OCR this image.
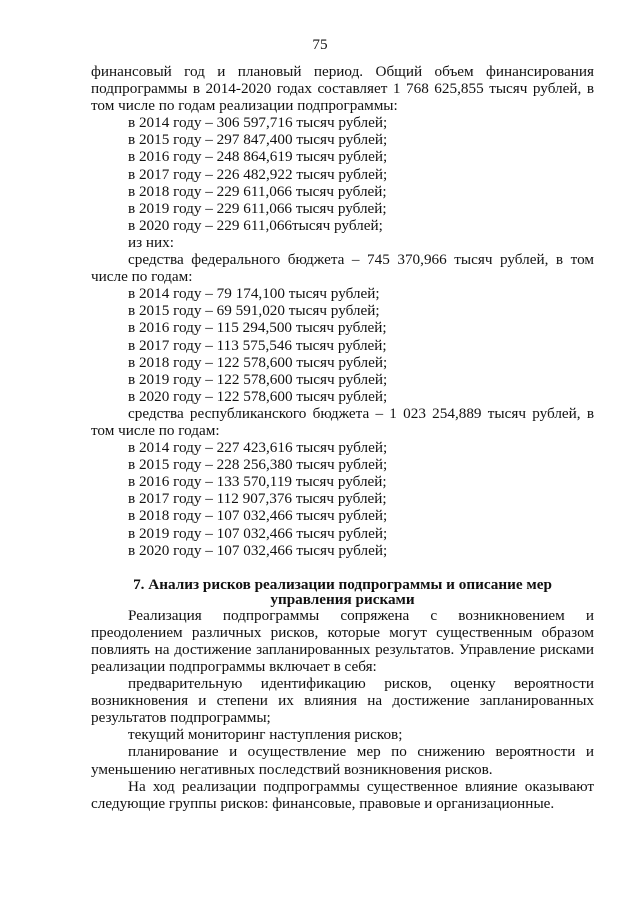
75

финансовый год и плановый период. Общий объем финансирования подпрограммы в 2014-2020 годах составляет 1 768 625,855 тысяч рублей, в том числе по годам реализации подпрограммы:

в 2014 году – 306 597,716 тысяч рублей;

в 2015 году – 297 847,400 тысяч рублей;

в 2016 году – 248 864,619 тысяч рублей;

в 2017 году – 226 482,922 тысяч рублей;

в 2018 году – 229 611,066 тысяч рублей;

в 2019 году – 229 611,066 тысяч рублей;

в 2020 году – 229 611,066тысяч рублей;

из них:

средства федерального бюджета – 745 370,966 тысяч рублей, в том числе по годам:

в 2014 году – 79 174,100 тысяч рублей;

в 2015 году – 69 591,020 тысяч рублей;

в 2016 году – 115 294,500 тысяч рублей;

в 2017 году – 113 575,546 тысяч рублей;

в 2018 году – 122 578,600 тысяч рублей;

в 2019 году – 122 578,600 тысяч рублей;

в 2020 году – 122 578,600 тысяч рублей;

средства республиканского бюджета – 1 023 254,889 тысяч рублей, в том числе по годам:

в 2014 году – 227 423,616 тысяч рублей;

в 2015 году – 228 256,380 тысяч рублей;

в 2016 году – 133 570,119 тысяч рублей;

в 2017 году – 112 907,376 тысяч рублей;

в 2018 году – 107 032,466 тысяч рублей;

в 2019 году – 107 032,466 тысяч рублей;

в 2020 году – 107 032,466 тысяч рублей;

7. Анализ рисков реализации подпрограммы и описание мер

управления рисками

Реализация подпрограммы сопряжена с возникновением и преодолением различных рисков, которые могут существенным образом повлиять на достижение запланированных результатов. Управление рисками реализации подпрограммы включает в себя:

предварительную идентификацию рисков, оценку вероятности возникновения и степени их влияния на достижение запланированных результатов подпрограммы;

текущий мониторинг наступления рисков;

планирование и осуществление мер по снижению вероятности и уменьшению негативных последствий возникновения рисков.

На ход реализации подпрограммы существенное влияние оказывают следующие группы рисков: финансовые, правовые и организационные.
